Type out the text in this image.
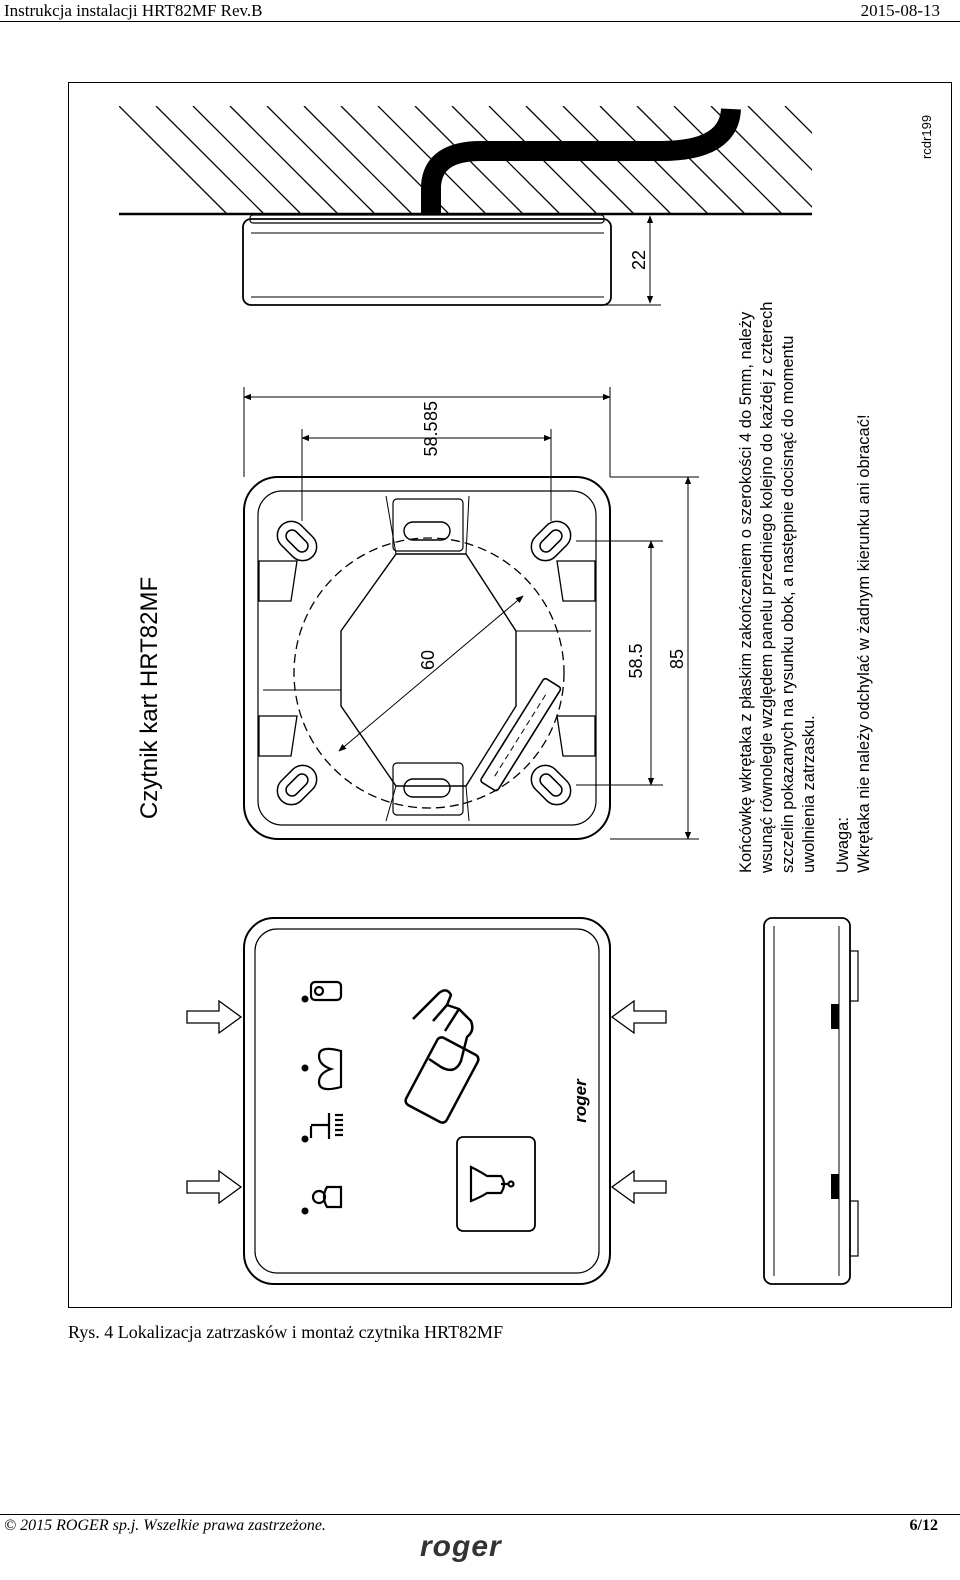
Instrukcja instalacji HRT82MF Rev.B	2015-08-13
22
rcdr199
Czytnik kart HRT82MF
85
58.5
60	58.5 85	Końcówkę wkrętaka z płaskim zakończeniem o szerokości 4 do 5mm, należy wsunąć równolegle względem panelu przedniego kolejno do każdej z czterech szczelin pokazanych na rysunku obok, a następnie docisnąć do momentu uwolnienia zatrzasku. Uwaga: Wkrętaka nie należy odchylać w żadnym kierunku ani obracać!
roger
Rys. 4 Lokalizacja zatrzasków i montaż czytnika HRT82MF
© 2015 ROGER sp.j. Wszelkie prawa zastrzeżone.	6/12
roger
